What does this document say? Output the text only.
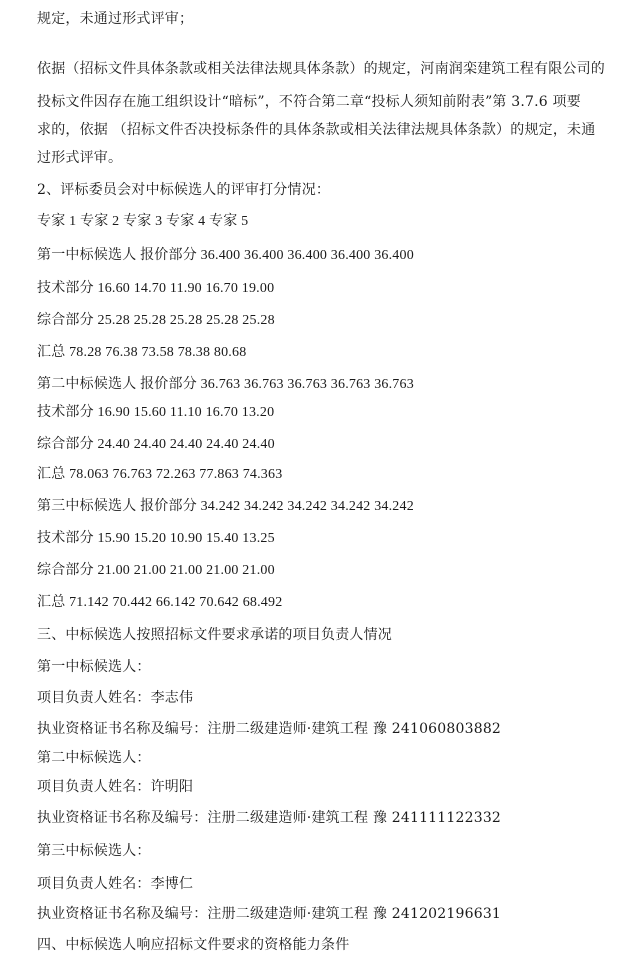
规定，未通过形式评审；

依据（招标文件具体条款或相关法律法规具体条款）的规定，河南润栾建筑工程有限公司的

投标文件因存在施工组织设计“暗标”，不符合第二章“投标人须知前附表”第 3.7.6 项要

求的，依据 （招标文件否决投标条件的具体条款或相关法律法规具体条款）的规定，未通

过形式评审。

2、评标委员会对中标候选人的评审打分情况：

专家 1 专家 2 专家 3 专家 4 专家 5

第一中标候选人 报价部分 36.400 36.400 36.400 36.400 36.400

技术部分 16.60 14.70 11.90 16.70 19.00

综合部分 25.28 25.28 25.28 25.28 25.28

汇总 78.28 76.38 73.58 78.38 80.68

第二中标候选人 报价部分 36.763 36.763 36.763 36.763 36.763

技术部分 16.90 15.60 11.10 16.70 13.20

综合部分 24.40 24.40 24.40 24.40 24.40

汇总 78.063 76.763 72.263 77.863 74.363

第三中标候选人 报价部分 34.242 34.242 34.242 34.242 34.242

技术部分 15.90 15.20 10.90 15.40 13.25

综合部分 21.00 21.00 21.00 21.00 21.00

汇总 71.142 70.442 66.142 70.642 68.492

三、中标候选人按照招标文件要求承诺的项目负责人情况

第一中标候选人：

项目负责人姓名：李志伟

执业资格证书名称及编号：注册二级建造师·建筑工程 豫 241060803882

第二中标候选人：

项目负责人姓名：许明阳

执业资格证书名称及编号：注册二级建造师·建筑工程 豫 241111122332

第三中标候选人：

项目负责人姓名：李博仁

执业资格证书名称及编号：注册二级建造师·建筑工程 豫 241202196631

四、中标候选人响应招标文件要求的资格能力条件
